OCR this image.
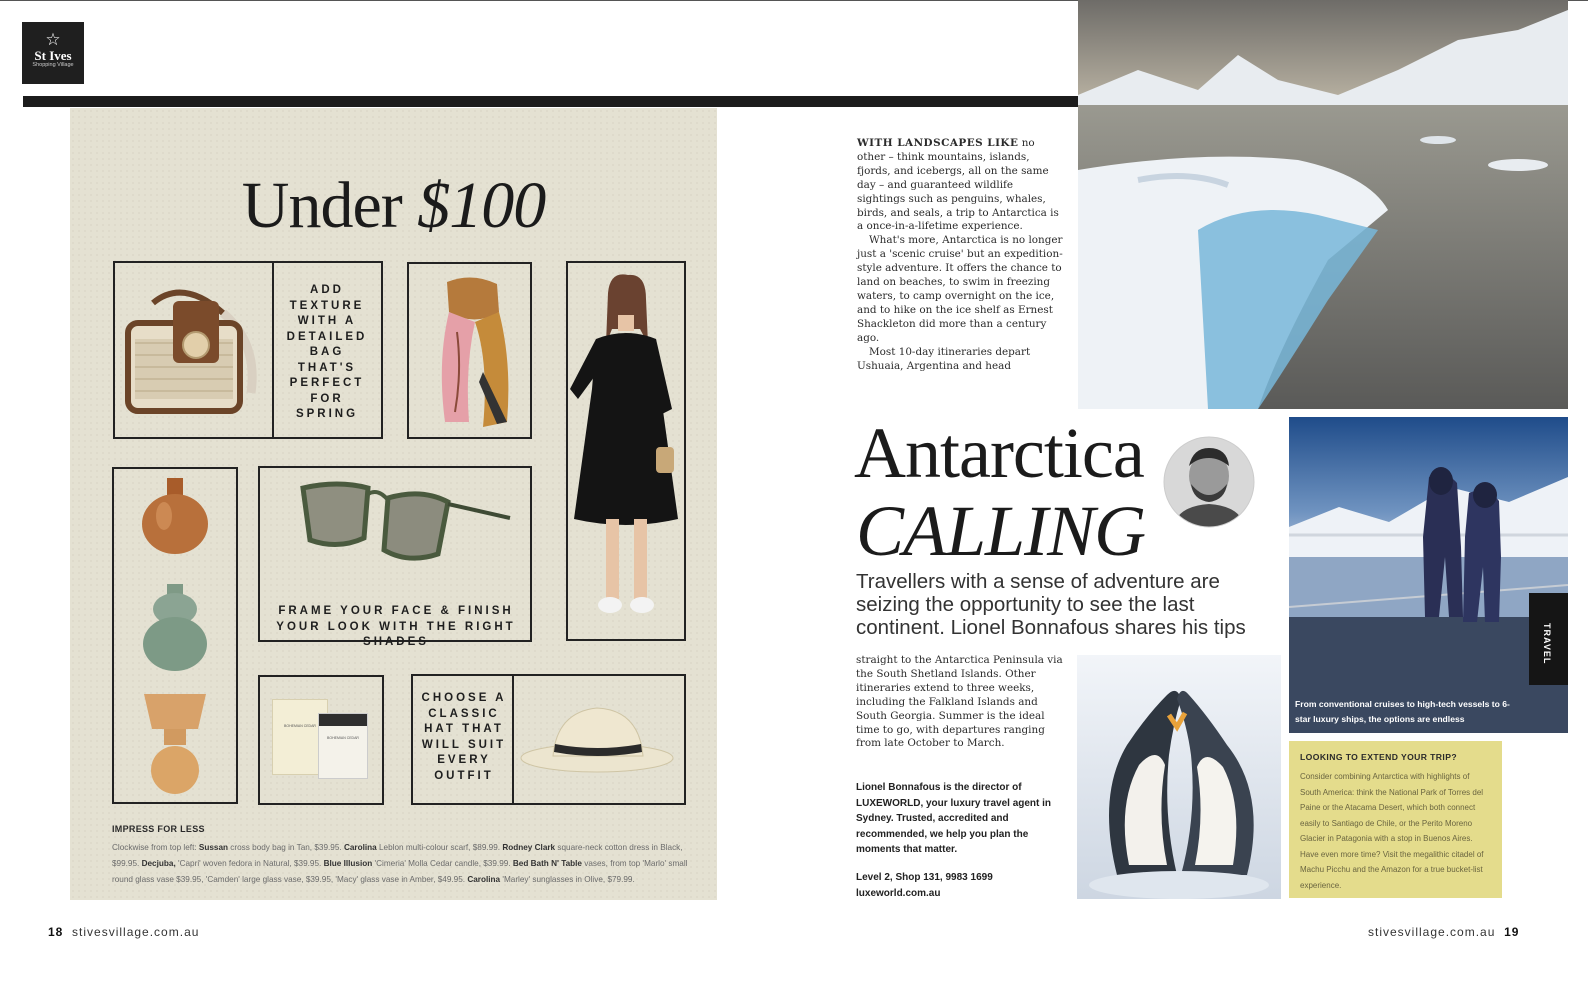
☆
St Ives
Shopping Village
Under $100
ADD TEXTURE WITH A DETAILED BAG THAT'S PERFECT FOR SPRING
FRAME YOUR FACE & FINISH YOUR LOOK WITH THE RIGHT SHADES
BOHEMIAN CEDAR
BOHEMIAN CEDAR
CHOOSE A CLASSIC HAT THAT WILL SUIT EVERY OUTFIT
IMPRESS FOR LESS
Clockwise from top left: Sussan cross body bag in Tan, $39.95. Carolina Leblon multi-colour scarf, $89.99. Rodney Clark square-neck cotton dress in Black, $99.95. Decjuba, 'Capri' woven fedora in Natural, $39.95. Blue Illusion 'Cimeria' Molla Cedar candle, $39.99. Bed Bath N' Table vases, from top 'Marlo' small round glass vase $39.95, 'Camden' large glass vase, $39.95, 'Macy' glass vase in Amber, $49.95. Carolina 'Marley' sunglasses in Olive, $79.99.

WITH LANDSCAPES LIKE no other – think mountains, islands, fjords, and icebergs, all on the same day – and guaranteed wildlife sightings such as penguins, whales, birds, and seals, a trip to Antarctica is a once-in-a-lifetime experience.

What's more, Antarctica is no longer just a 'scenic cruise' but an expedition-style adventure. It offers the chance to land on beaches, to swim in freezing waters, to camp overnight on the ice, and to hike on the ice shelf as Ernest Shackleton did more than a century ago.

Most 10-day itineraries depart Ushuaia, Argentina and head

Antarctica
CALLING
Travellers with a sense of adventure are seizing the opportunity to see the last continent. Lionel Bonnafous shares his tips
straight to the Antarctica Peninsula via the South Shetland Islands. Other itineraries extend to three weeks, including the Falkland Islands and South Georgia. Summer is the ideal time to go, with departures ranging from late October to March.
Lionel Bonnafous is the director of LUXEWORLD, your luxury travel agent in Sydney. Trusted, accredited and recommended, we help you plan the moments that matter.
Level 2, Shop 131, 9983 1699
luxeworld.com.au
From conventional cruises to high-tech vessels to 6-star luxury ships, the options are endless
TRAVEL
LOOKING TO EXTEND YOUR TRIP?
Consider combining Antarctica with highlights of South America: think the National Park of Torres del Paine or the Atacama Desert, which both connect easily to Santiago de Chile, or the Perito Moreno Glacier in Patagonia with a stop in Buenos Aires. Have even more time? Visit the megalithic citadel of Machu Picchu and the Amazon for a true bucket-list experience.
18 stivesvillage.com.au	stivesvillage.com.au 19
